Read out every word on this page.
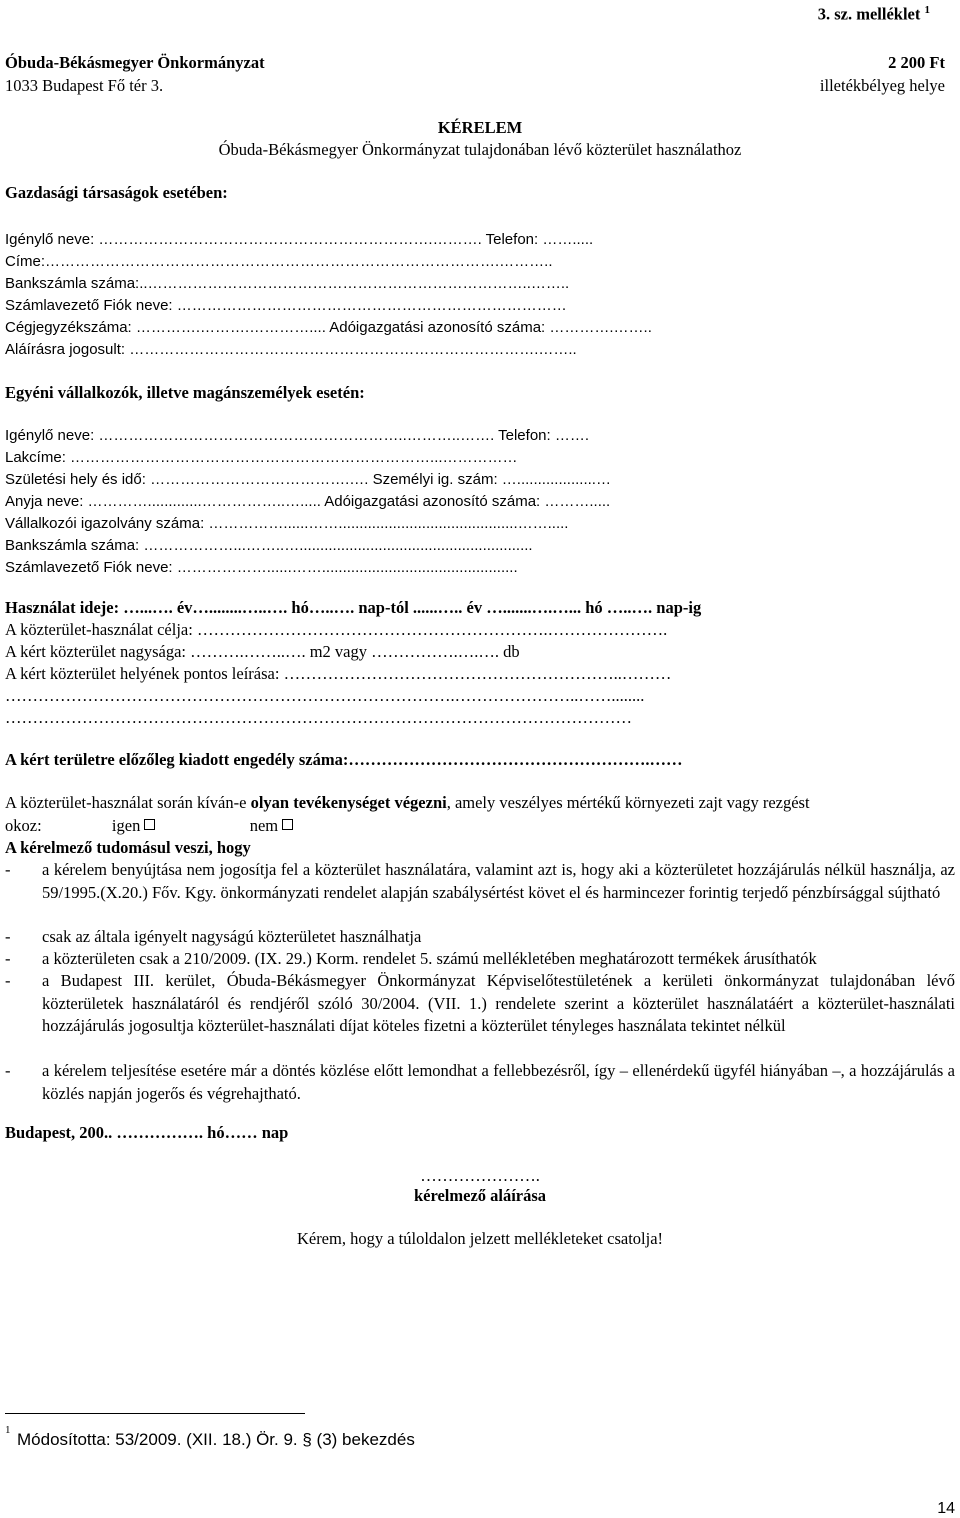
3. sz. melléklet $^1$
Óbuda-Békásmegyer Önkormányzat
1033 Budapest Fő tér 3.
2 200 Ft
illetékbélyeg helye
KÉRELEM
Óbuda-Békásmegyer Önkormányzat tulajdonában lévő közterület használathoz
Gazdasági társaságok esetében:
Igénylő neve: ………………………………………………………….………. Telefon: …….....
Címe:……………………………………………………………………………….………..
Bankszámla száma:..…………………………………………………………………..……..
Számlavezető Fiók neve: ……………………………………………………………………
Cégjegyzékszáma: ………….……….………….... Adóigazgatási azonosító száma: ………….……..
Aláírásra jogosult: ……………………………………………………………………….……..
Egyéni vállalkozók, illetve magánszemélyek esetén:
Igénylő neve: ……………………………………………………..………..……. Telefon: …….
Lakcíme: ………………………………………………………………...……………
Születési hely és idő: ………………………………….…. Személyi ig. szám: …...................…
Anyja neve: ………….............……………..…..... Adóigazgatási azonosító száma: ……….....
Vállalkozói igazolvány száma: ……………......……...........................................…….....
Bankszámla száma: ………………...……..…........................................................
Számlavezető Fiók neve: ………………......……...............................................
Használat ideje: …...…. év…........…..…. hó…..…. nap-tól ......….. év ….......….…... hó …..…. nap-ig
A közterület-használat célja: ……………………………………………………….………………….
A kért közterület nagysága: ……….……..…. m2 vagy …………….….…. db
A kért közterület helyének pontos leírása: ……………………………………………………..………
……………………………………………………………………….…………………..……........
……………………………………………………………………………………………………
A kért területre előzőleg kiadott engedély száma:……………………………………………….……
A közterület-használat során kíván-e olyan tevékenységet végezni, amely veszélyes mértékű környezeti zajt vagy rezgést
okoz:	igen	nem
A kérelmező tudomásul veszi, hogy
- a kérelem benyújtása nem jogosítja fel a közterület használatára, valamint azt is, hogy aki a közterületet hozzájárulás nélkül használja, az 59/1995.(X.20.) Főv. Kgy. önkormányzati rendelet alapján szabálysértést követ el és harmincezer forintig terjedő pénzbírsággal sújtható
- csak az általa igényelt nagyságú közterületet használhatja
- a közterületen csak a 210/2009. (IX. 29.) Korm. rendelet 5. számú mellékletében meghatározott termékek árusíthatók
- a Budapest III. kerület, Óbuda-Békásmegyer Önkormányzat Képviselőtestületének a kerületi önkormányzat tulajdonában lévő közterületek használatáról és rendjéről szóló 30/2004. (VII. 1.) rendelete szerint a közterület használatáért a közterület-használati hozzájárulás jogosultja közterület-használati díjat köteles fizetni a közterület tényleges használata tekintet nélkül
- a kérelem teljesítése esetére már a döntés közlése előtt lemondhat a fellebbezésről, így – ellenérdekű ügyfél hiányában –, a hozzájárulás a közlés napján jogerős és végrehajtható.
Budapest, 200.. ……………. hó…… nap
………………….
kérelmező aláírása
Kérem, hogy a túloldalon jelzett mellékleteket csatolja!
1 Módosította: 53/2009. (XII. 18.) Ör. 9. § (3) bekezdés
14
